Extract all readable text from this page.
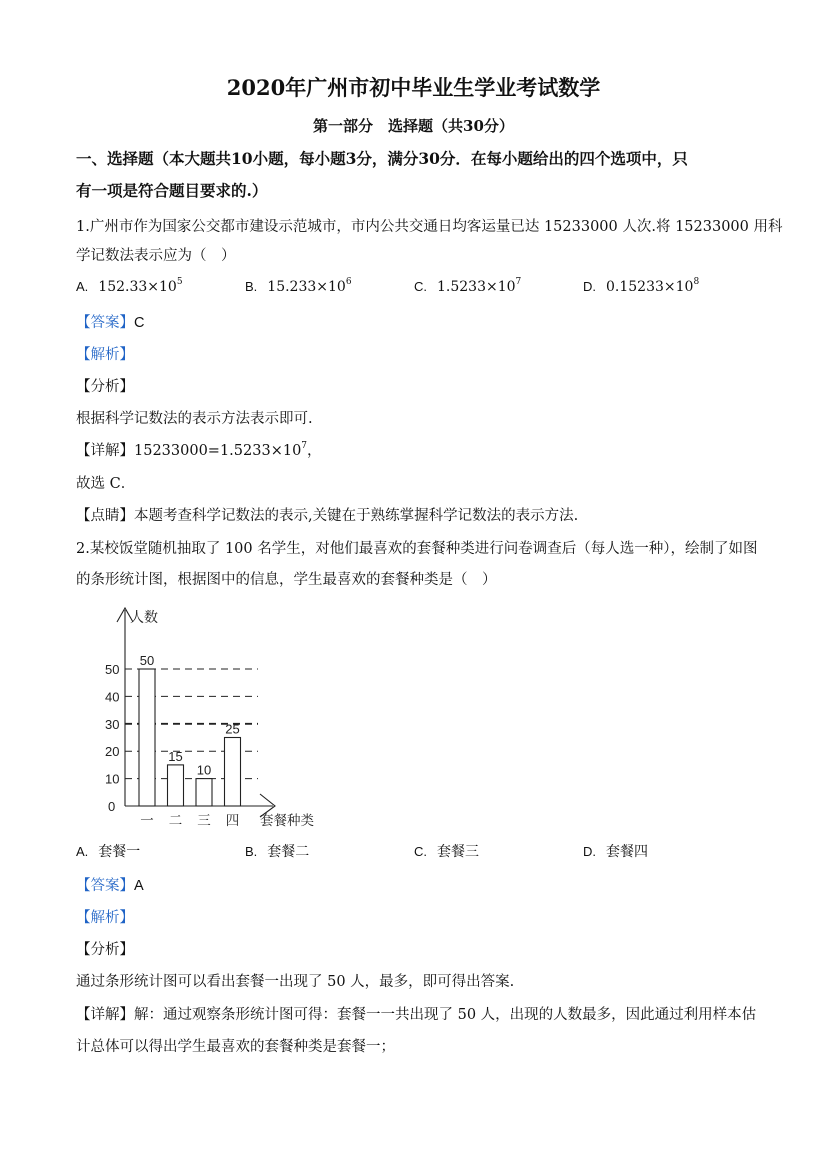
2020年广州市初中毕业生学业考试数学
第一部分　选择题（共30分）
一、选择题（本大题共10小题，每小题3分，满分30分．在每小题给出的四个选项中，只
有一项是符合题目要求的.）
1.广州市作为国家公交都市建设示范城市，市内公共交通日均客运量已达 15233000 人次.将 15233000 用科
学记数法表示应为（　）
A. $152.33\times 10^5$	B. $15.233\times 10^6$	C. $1.5233\times 10^7$	D. $0.15233\times 10^8$
【答案】C
【解析】
【分析】
根据科学记数法的表示方法表示即可.
【详解】$15233000=1.5233\times 10^7$，
故选 C．
【点睛】本题考查科学记数法的表示,关键在于熟练掌握科学记数法的表示方法.
2.某校饭堂随机抽取了 100 名学生，对他们最喜欢的套餐种类进行问卷调查后（每人选一种），绘制了如图
的条形统计图，根据图中的信息，学生最喜欢的套餐种类是（　）
0
10
20
30
40
50
人数
套餐种类
50
一
15
二
10
三
25
四
A. 套餐一	B. 套餐二	C. 套餐三	D. 套餐四
【答案】A
【解析】
【分析】
通过条形统计图可以看出套餐一出现了 50 人，最多，即可得出答案.
【详解】解：通过观察条形统计图可得：套餐一一共出现了 50 人，出现的人数最多，因此通过利用样本估
计总体可以得出学生最喜欢的套餐种类是套餐一；
